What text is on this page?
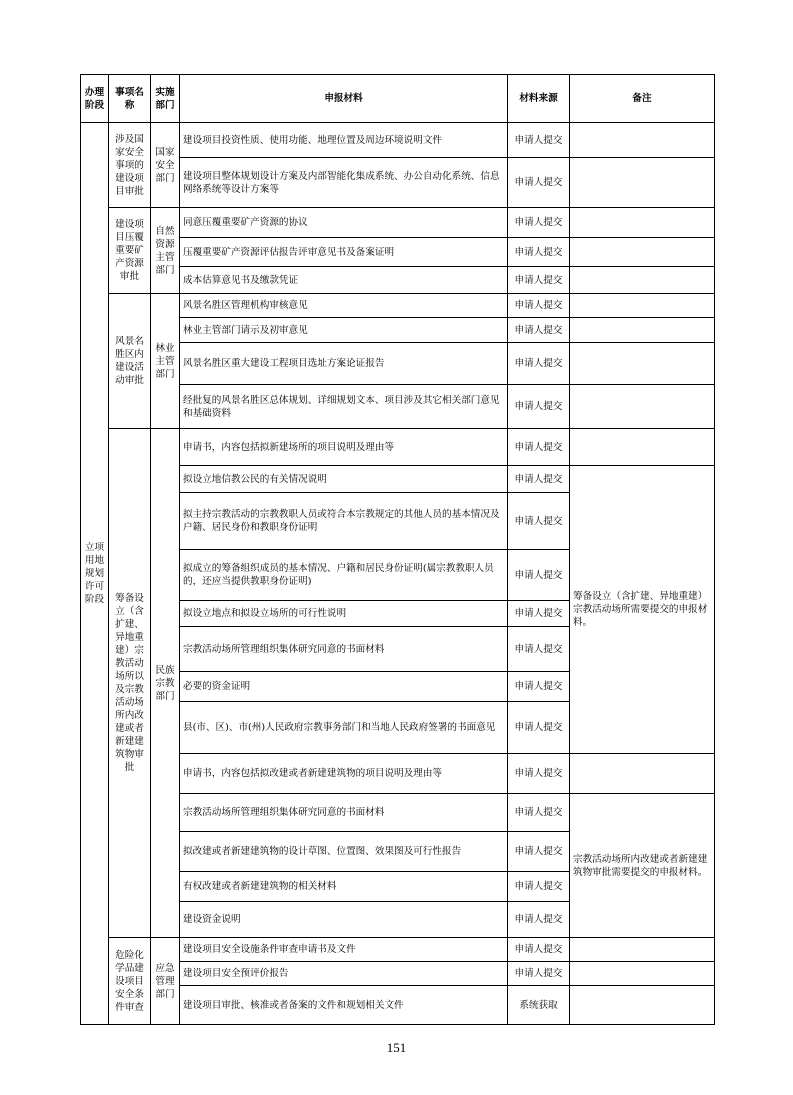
办理阶段	事项名称	实施部门	申报材料	材料来源	备注
立项用地规划许可阶段	涉及国家安全事项的建设项目审批	国家安全部门	建设项目投资性质、使用功能、地理位置及周边环境说明文件	申请人提交	
			建设项目整体规划设计方案及内部智能化集成系统、办公自动化系统、信息网络系统等设计方案等	申请人提交	
	建设项目压覆重要矿产资源审批	自然资源主管部门	同意压覆重要矿产资源的协议	申请人提交	
			压覆重要矿产资源评估报告评审意见书及备案证明	申请人提交	
			成本估算意见书及缴款凭证	申请人提交	
	风景名胜区内建设活动审批	林业主管部门	风景名胜区管理机构审核意见	申请人提交	
			林业主管部门请示及初审意见	申请人提交	
			风景名胜区重大建设工程项目选址方案论证报告	申请人提交	
			经批复的风景名胜区总体规划、详细规划文本、项目涉及其它相关部门意见和基础资料	申请人提交	
	筹备设立（含扩建、异地重建）宗教活动场所以及宗教活动场所内改建或者新建建筑物审批	民族宗教部门	申请书，内容包括拟新建场所的项目说明及理由等	申请人提交	
			拟设立地信教公民的有关情况说明	申请人提交	筹备设立（含扩建、异地重建）宗教活动场所需要提交的申报材料。
			拟主持宗教活动的宗教教职人员或符合本宗教规定的其他人员的基本情况及户籍、居民身份和教职身份证明	申请人提交	
			拟成立的筹备组织成员的基本情况、户籍和居民身份证明(属宗教教职人员的，还应当提供教职身份证明)	申请人提交	
			拟设立地点和拟设立场所的可行性说明	申请人提交	
			宗教活动场所管理组织集体研究同意的书面材料	申请人提交	
			必要的资金证明	申请人提交	
			县(市、区)、市(州)人民政府宗教事务部门和当地人民政府签署的书面意见	申请人提交	
			申请书，内容包括拟改建或者新建建筑物的项目说明及理由等	申请人提交	
			宗教活动场所管理组织集体研究同意的书面材料	申请人提交	宗教活动场所内改建或者新建建筑物审批需要提交的申报材料。
			拟改建或者新建建筑物的设计草图、位置图、效果图及可行性报告	申请人提交	
			有权改建或者新建建筑物的相关材料	申请人提交	
			建设资金说明	申请人提交	
	危险化学品建设项目安全条件审查	应急管理部门	建设项目安全设施条件审查申请书及文件	申请人提交	
			建设项目安全预评价报告	申请人提交	
			建设项目审批、核准或者备案的文件和规划相关文件	系统获取	
151
